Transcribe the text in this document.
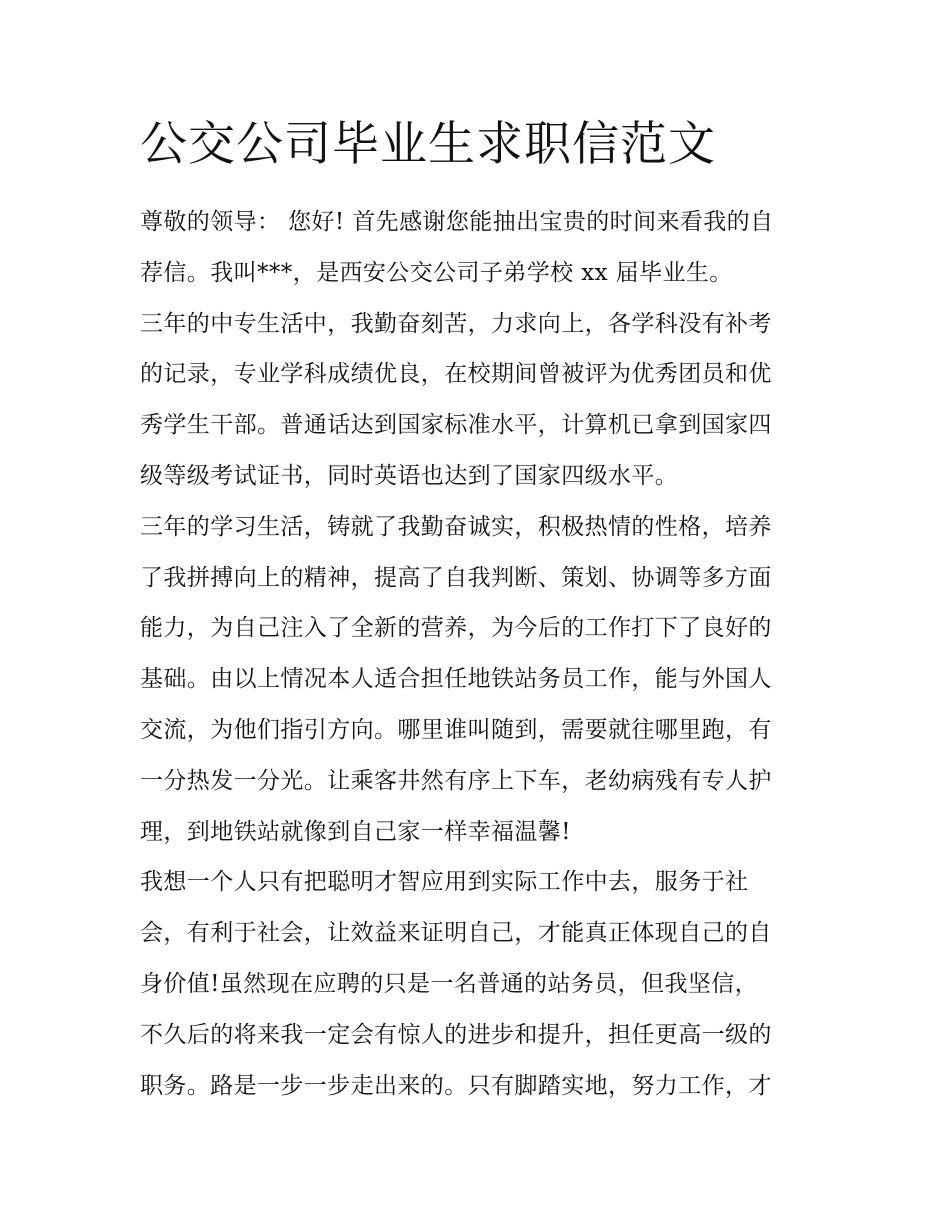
公交公司毕业生求职信范文

尊敬的领导： 您好! 首先感谢您能抽出宝贵的时间来看我的自

荐信。我叫***，是西安公交公司子弟学校 xx 届毕业生。

三年的中专生活中，我勤奋刻苦，力求向上，各学科没有补考

的记录，专业学科成绩优良，在校期间曾被评为优秀团员和优

秀学生干部。普通话达到国家标准水平，计算机已拿到国家四

级等级考试证书，同时英语也达到了国家四级水平。

三年的学习生活，铸就了我勤奋诚实，积极热情的性格，培养

了我拼搏向上的精神，提高了自我判断、策划、协调等多方面

能力，为自己注入了全新的营养，为今后的工作打下了良好的

基础。由以上情况本人适合担任地铁站务员工作，能与外国人

交流，为他们指引方向。哪里谁叫随到，需要就往哪里跑，有

一分热发一分光。让乘客井然有序上下车，老幼病残有专人护

理，到地铁站就像到自己家一样幸福温馨!

我想一个人只有把聪明才智应用到实际工作中去，服务于社

会，有利于社会，让效益来证明自己，才能真正体现自己的自

身价值!虽然现在应聘的只是一名普通的站务员，但我坚信，

不久后的将来我一定会有惊人的进步和提升，担任更高一级的

职务。路是一步一步走出来的。只有脚踏实地，努力工作，才
